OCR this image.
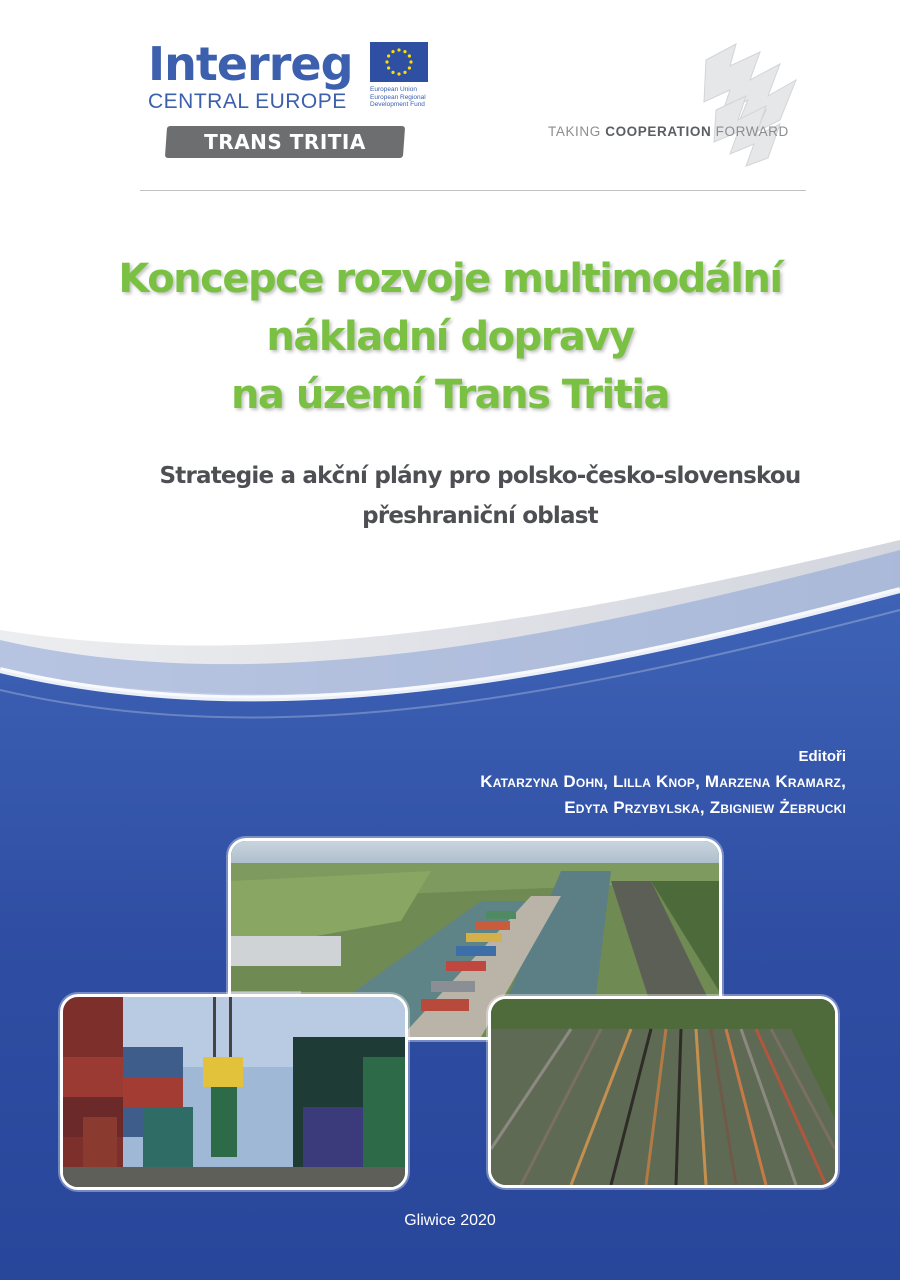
Interreg
CENTRAL EUROPE
European Union
European Regional
Development Fund
TRANS TRITIA	TAKING COOPERATION FORWARD
Koncepce rozvoje multimodální
nákladní dopravy
na území Trans Tritia
Strategie a akční plány pro polsko-česko-slovenskou
přeshraniční oblast
Editoři
Katarzyna Dohn, Lilla Knop, Marzena Kramarz,
Edyta Przybylska, Zbigniew Żebrucki
Gliwice 2020
